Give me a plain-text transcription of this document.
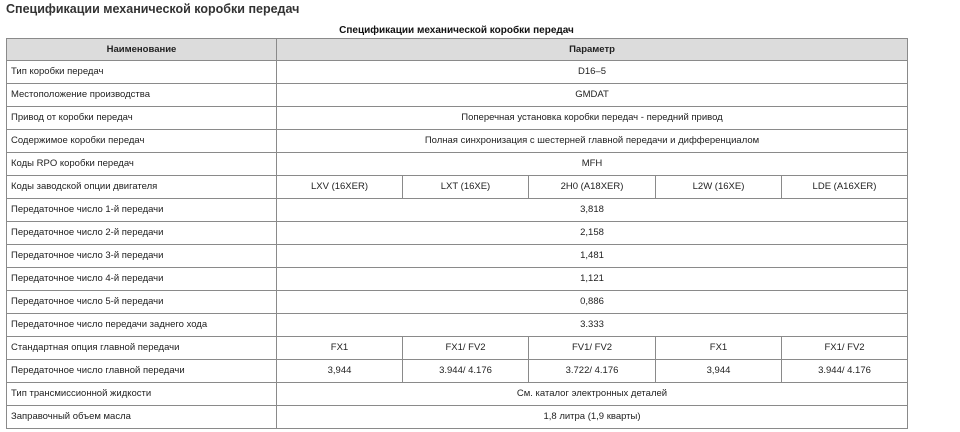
Спецификации механической коробки передач
Спецификации механической коробки передач
Наименование	Параметр				
Тип коробки передач	D16–5				
Местоположение производства	GMDAT				
Привод от коробки передач	Поперечная установка коробки передач - передний привод				
Содержимое коробки передач	Полная синхронизация с шестерней главной передачи и дифференциалом				
Коды RPO коробки передач	MFH				
Коды заводской опции двигателя	LXV (16XER)	LXT (16XE)	2H0 (A18XER)	L2W (16XE)	LDE (A16XER)
Передаточное число 1-й передачи	3,818				
Передаточное число 2-й передачи	2,158				
Передаточное число 3-й передачи	1,481				
Передаточное число 4-й передачи	1,121				
Передаточное число 5-й передачи	0,886				
Передаточное число передачи заднего хода	3.333				
Стандартная опция главной передачи	FX1	FX1/ FV2	FV1/ FV2	FX1	FX1/ FV2
Передаточное число главной передачи	3,944	3.944/ 4.176	3.722/ 4.176	3,944	3.944/ 4.176
Тип трансмиссионной жидкости	См. каталог электронных деталей				
Заправочный объем масла	1,8 литра (1,9 кварты)				
